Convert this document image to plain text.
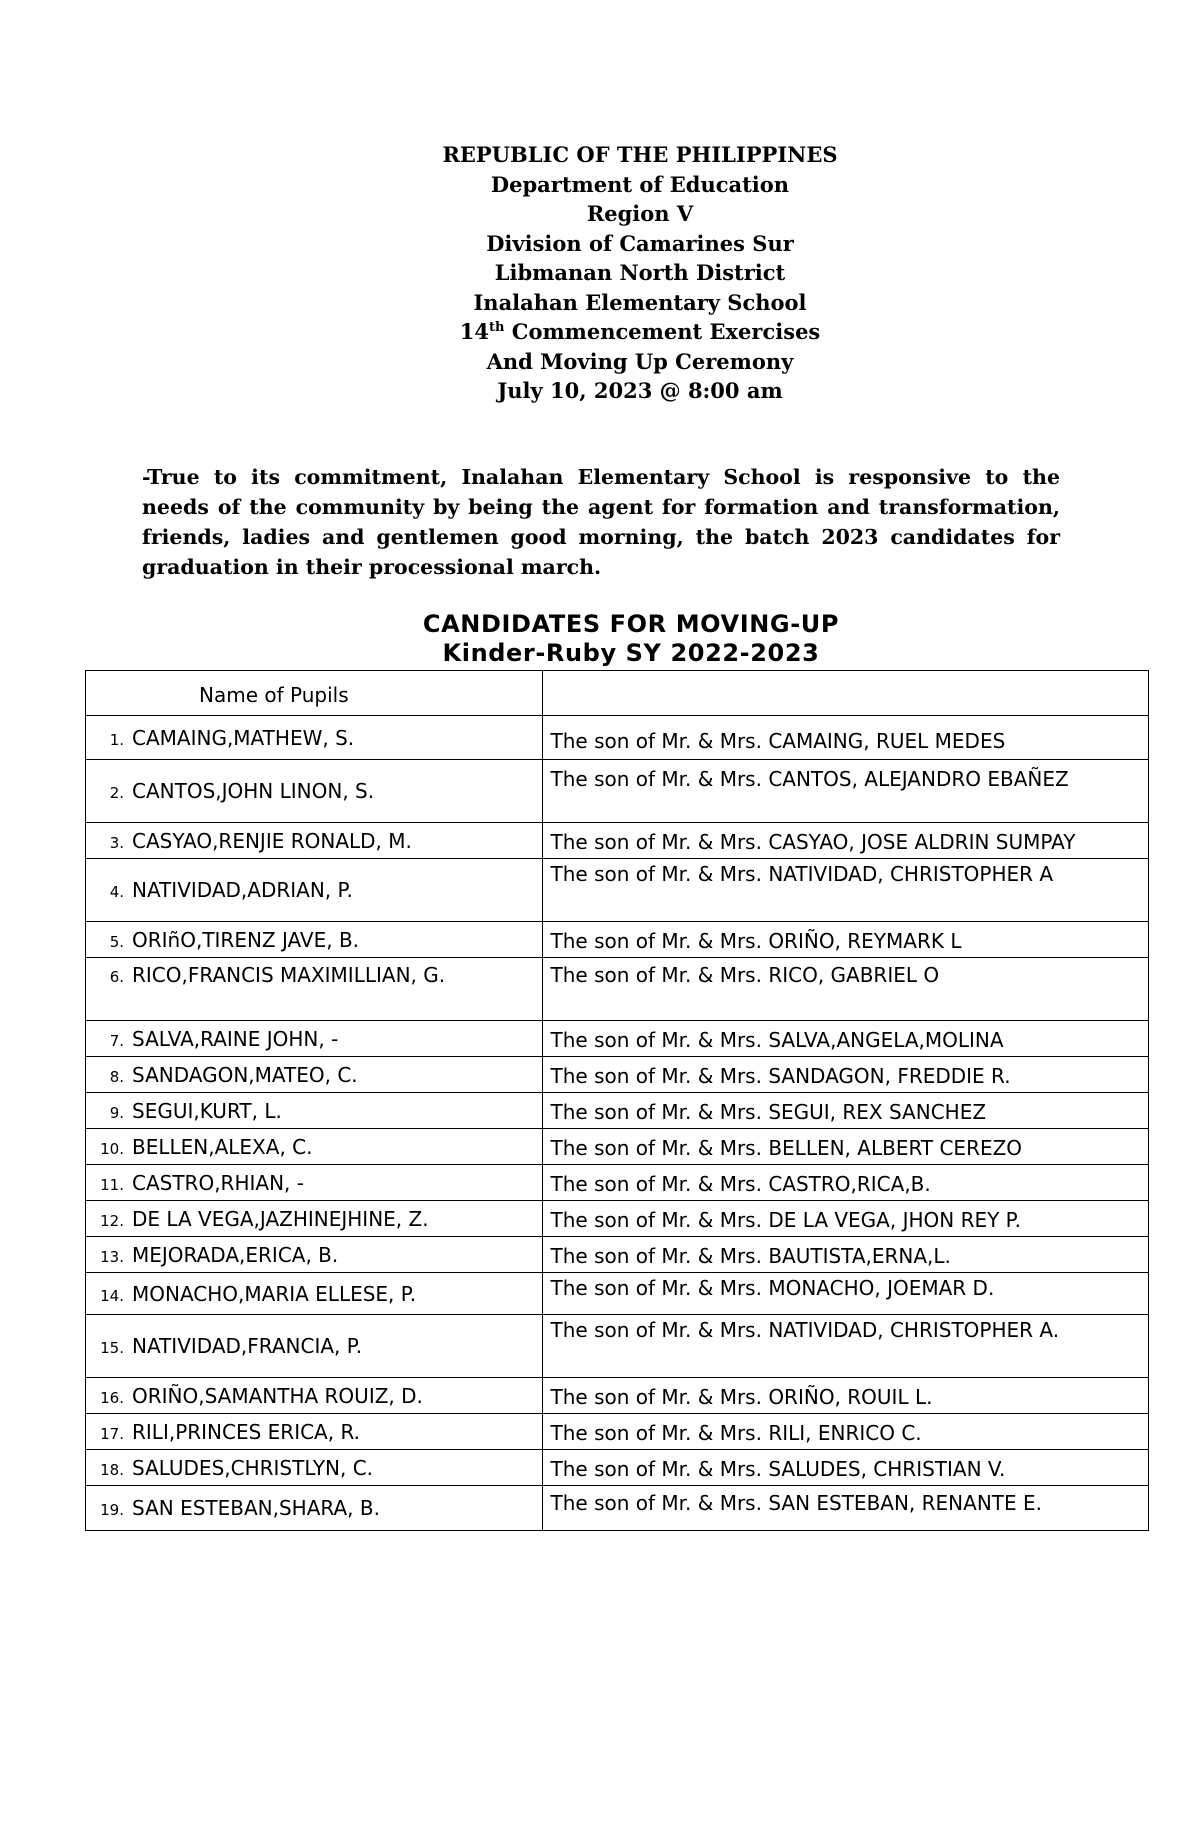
REPUBLIC OF THE PHILIPPINES
Department of Education
Region V
Division of Camarines Sur
Libmanan North District
Inalahan Elementary School
14th Commencement Exercises
And Moving Up Ceremony
July 10, 2023 @ 8:00 am
-True to its commitment, Inalahan Elementary School is responsive to the needs of the community by being the agent for formation and transformation, friends, ladies and gentlemen good morning, the batch 2023 candidates for graduation in their processional march.
CANDIDATES FOR MOVING-UP
Kinder-Ruby SY 2022-2023
Name of Pupils	

1. CAMAING,MATHEW, S.	The son of Mr. & Mrs. CAMAING, RUEL MEDES

2. CANTOS,JOHN LINON, S.	The son of Mr. & Mrs. CANTOS, ALEJANDRO EBAÑEZ

3. CASYAO,RENJIE RONALD, M.	The son of Mr. & Mrs. CASYAO, JOSE ALDRIN SUMPAY

4. NATIVIDAD,ADRIAN, P.	The son of Mr. & Mrs. NATIVIDAD, CHRISTOPHER A

5. ORIñO,TIRENZ JAVE, B.	The son of Mr. & Mrs. ORIÑO, REYMARK L

6. RICO,FRANCIS MAXIMILLIAN, G.	The son of Mr. & Mrs. RICO, GABRIEL O

7. SALVA,RAINE JOHN, -	The son of Mr. & Mrs. SALVA,ANGELA,MOLINA

8. SANDAGON,MATEO, C.	The son of Mr. & Mrs. SANDAGON, FREDDIE R.

9. SEGUI,KURT, L.	The son of Mr. & Mrs. SEGUI, REX SANCHEZ

10. BELLEN,ALEXA, C.	The son of Mr. & Mrs. BELLEN, ALBERT CEREZO

11. CASTRO,RHIAN, -	The son of Mr. & Mrs. CASTRO,RICA,B.

12. DE LA VEGA,JAZHINEJHINE, Z.	The son of Mr. & Mrs. DE LA VEGA, JHON REY P.

13. MEJORADA,ERICA, B.	The son of Mr. & Mrs. BAUTISTA,ERNA,L.

14. MONACHO,MARIA ELLESE, P.	The son of Mr. & Mrs. MONACHO, JOEMAR D.

15. NATIVIDAD,FRANCIA, P.	The son of Mr. & Mrs. NATIVIDAD, CHRISTOPHER A.

16. ORIÑO,SAMANTHA ROUIZ, D.	The son of Mr. & Mrs. ORIÑO, ROUIL L.

17. RILI,PRINCES ERICA, R.	The son of Mr. & Mrs. RILI, ENRICO C.

18. SALUDES,CHRISTLYN, C.	The son of Mr. & Mrs. SALUDES, CHRISTIAN V.

19. SAN ESTEBAN,SHARA, B.	The son of Mr. & Mrs. SAN ESTEBAN, RENANTE E.
